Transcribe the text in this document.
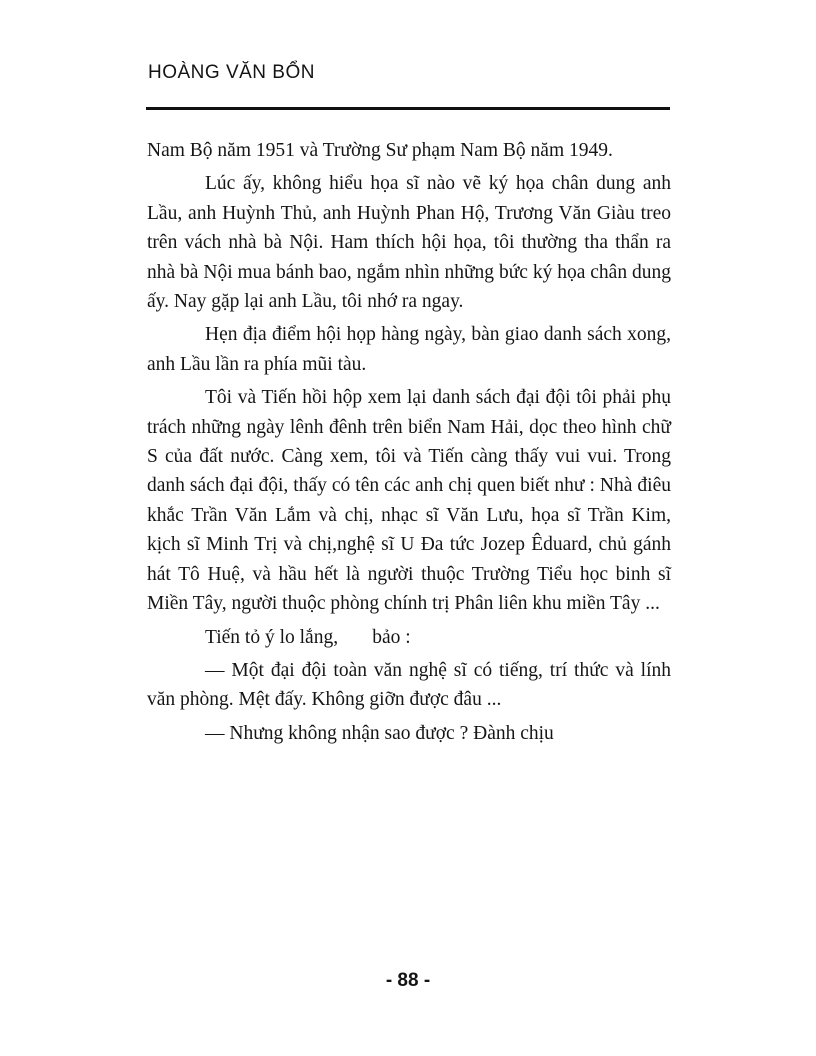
HOÀNG VĂN BỔN

Nam Bộ năm 1951 và Trường Sư phạm Nam Bộ năm 1949.

Lúc ấy, không hiểu họa sĩ nào vẽ ký họa chân dung anh Lầu, anh Huỳnh Thủ, anh Huỳnh Phan Hộ, Trương Văn Giàu treo trên vách nhà bà Nội. Ham thích hội họa, tôi thường tha thẩn ra nhà bà Nội mua bánh bao, ngắm nhìn những bức ký họa chân dung ấy. Nay gặp lại anh Lầu, tôi nhớ ra ngay.

Hẹn địa điểm hội họp hàng ngày, bàn giao danh sách xong, anh Lầu lần ra phía mũi tàu.

Tôi và Tiến hồi hộp xem lại danh sách đại đội tôi phải phụ trách những ngày lênh đênh trên biển Nam Hải, dọc theo hình chữ S của đất nước. Càng xem, tôi và Tiến càng thấy vui vui. Trong danh sách đại đội, thấy có tên các anh chị quen biết như : Nhà điêu khắc Trần Văn Lắm và chị, nhạc sĩ Văn Lưu, họa sĩ Trần Kim, kịch sĩ Minh Trị và chị,nghệ sĩ U Đa tức Jozep Êduard, chủ gánh hát Tô Huệ, và hầu hết là người thuộc Trường Tiểu học binh sĩ Miền Tây, người thuộc phòng chính trị Phân liên khu miền Tây ...

Tiến tỏ ý lo lắng,       bảo :

— Một đại đội toàn văn nghệ sĩ có tiếng, trí thức và lính văn phòng. Mệt đấy. Không giỡn được đâu ...

— Nhưng không nhận sao được ? Đành chịu

- 88 -
